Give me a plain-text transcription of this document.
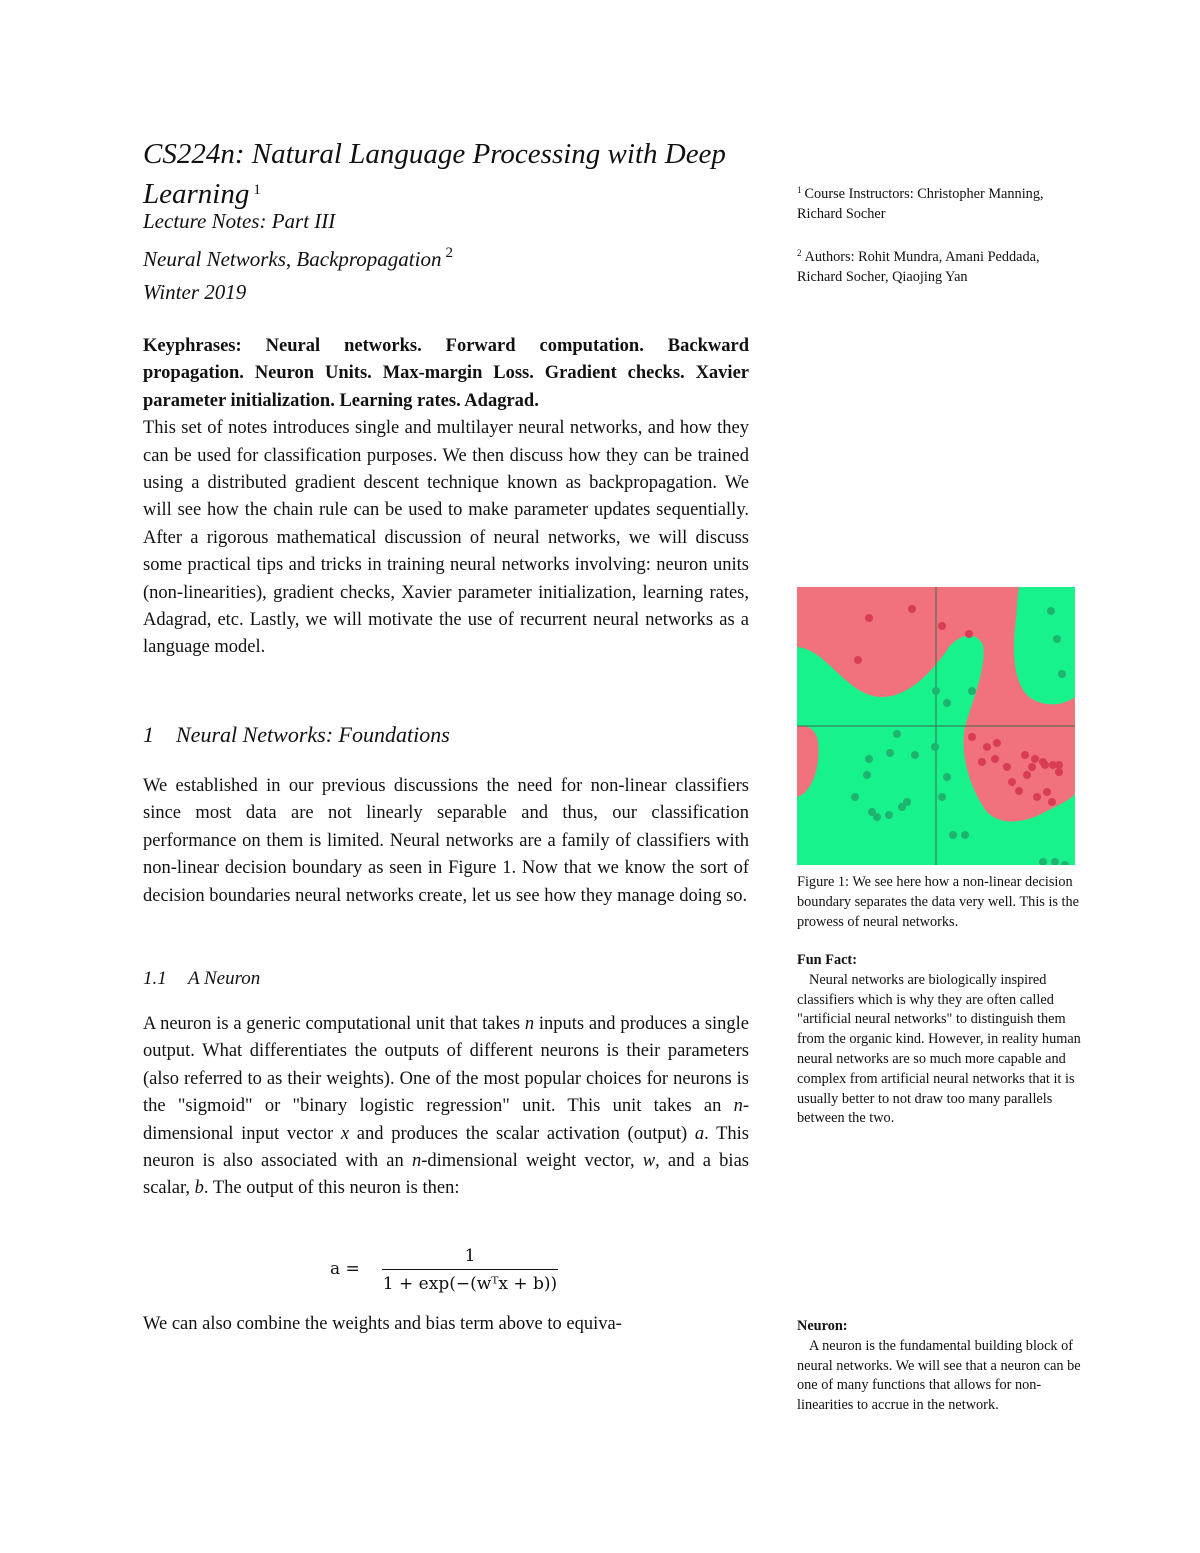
CS224n: Natural Language Processing with Deep Learning $^1$
Lecture Notes: Part III
Neural Networks, Backpropagation $^2$
Winter 2019
$^1$ Course Instructors: Christopher Manning, Richard Socher
$^2$ Authors: Rohit Mundra, Amani Peddada, Richard Socher, Qiaojing Yan
Keyphrases: Neural networks. Forward computation. Backward propagation. Neuron Units. Max-margin Loss. Gradient checks. Xavier parameter initialization. Learning rates. Adagrad.
This set of notes introduces single and multilayer neural networks, and how they can be used for classification purposes. We then discuss how they can be trained using a distributed gradient descent technique known as backpropagation. We will see how the chain rule can be used to make parameter updates sequentially. After a rigorous mathematical discussion of neural networks, we will discuss some practical tips and tricks in training neural networks involving: neuron units (non-linearities), gradient checks, Xavier parameter initialization, learning rates, Adagrad, etc. Lastly, we will motivate the use of recurrent neural networks as a language model.
1 Neural Networks: Foundations
We established in our previous discussions the need for non-linear classifiers since most data are not linearly separable and thus, our classification performance on them is limited. Neural networks are a family of classifiers with non-linear decision boundary as seen in Figure 1. Now that we know the sort of decision boundaries neural networks create, let us see how they manage doing so.
1.1 A Neuron
A neuron is a generic computational unit that takes n inputs and produces a single output. What differentiates the outputs of different neurons is their parameters (also referred to as their weights). One of the most popular choices for neurons is the "sigmoid" or "binary logistic regression" unit. This unit takes an n-dimensional input vector x and produces the scalar activation (output) a. This neuron is also associated with an n-dimensional weight vector, w, and a bias scalar, b. The output of this neuron is then:
a =
1
1 + exp(−(wᵀx + b))
We can also combine the weights and bias term above to equiva-
Figure 1: We see here how a non-linear decision boundary separates the data very well. This is the prowess of neural networks.
Fun Fact:
Neural networks are biologically inspired classifiers which is why they are often called "artificial neural networks" to distinguish them from the organic kind. However, in reality human neural networks are so much more capable and complex from artificial neural networks that it is usually better to not draw too many parallels between the two.
Neuron:
A neuron is the fundamental building block of neural networks. We will see that a neuron can be one of many functions that allows for non-linearities to accrue in the network.
